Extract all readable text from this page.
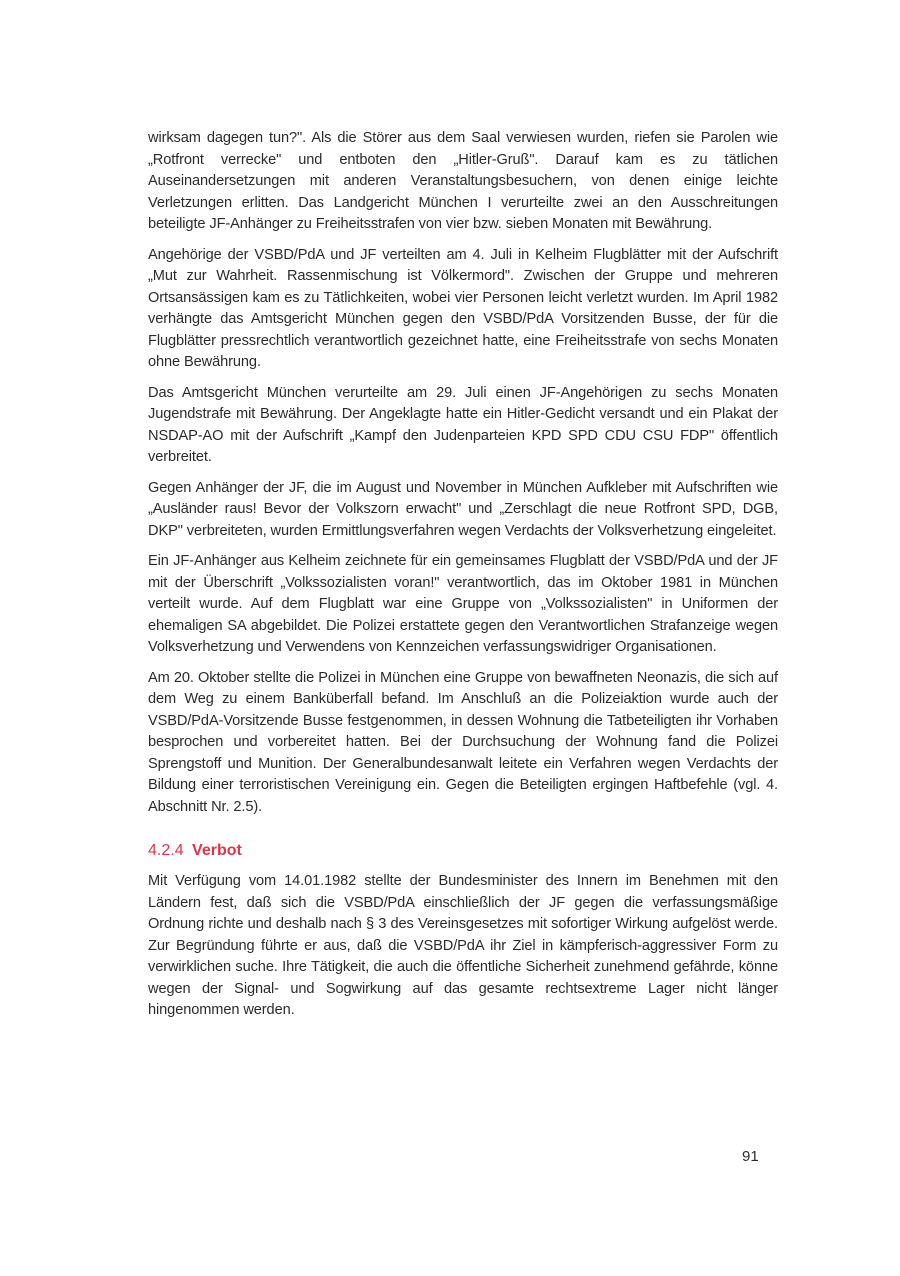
wirksam dagegen tun?". Als die Störer aus dem Saal verwiesen wurden, riefen sie Parolen wie „Rotfront verrecke" und entboten den „Hitler-Gruß". Darauf kam es zu tätlichen Auseinandersetzungen mit anderen Veranstaltungsbesuchern, von denen einige leichte Verletzungen erlitten. Das Landgericht München I verurteilte zwei an den Ausschreitungen beteiligte JF-Anhänger zu Freiheitsstrafen von vier bzw. sieben Monaten mit Bewährung.

Angehörige der VSBD/PdA und JF verteilten am 4. Juli in Kelheim Flugblätter mit der Aufschrift „Mut zur Wahrheit. Rassenmischung ist Völkermord". Zwischen der Gruppe und mehreren Ortsansässigen kam es zu Tätlichkeiten, wobei vier Personen leicht verletzt wurden. Im April 1982 verhängte das Amtsgericht München gegen den VSBD/PdA Vorsitzenden Busse, der für die Flugblätter pressrechtlich verantwortlich gezeichnet hatte, eine Freiheitsstrafe von sechs Monaten ohne Bewährung.

Das Amtsgericht München verurteilte am 29. Juli einen JF-Angehörigen zu sechs Monaten Jugendstrafe mit Bewährung. Der Angeklagte hatte ein Hitler-Gedicht versandt und ein Plakat der NSDAP-AO mit der Aufschrift „Kampf den Judenparteien KPD SPD CDU CSU FDP" öffentlich verbreitet.

Gegen Anhänger der JF, die im August und November in München Aufkleber mit Aufschriften wie „Ausländer raus! Bevor der Volkszorn erwacht" und „Zerschlagt die neue Rotfront SPD, DGB, DKP" verbreiteten, wurden Ermittlungsverfahren wegen Verdachts der Volksverhetzung eingeleitet.

Ein JF-Anhänger aus Kelheim zeichnete für ein gemeinsames Flugblatt der VSBD/PdA und der JF mit der Überschrift „Volkssozialisten voran!" verantwortlich, das im Oktober 1981 in München verteilt wurde. Auf dem Flugblatt war eine Gruppe von „Volkssozialisten" in Uniformen der ehemaligen SA abgebildet. Die Polizei erstattete gegen den Verantwortlichen Strafanzeige wegen Volksverhetzung und Verwendens von Kennzeichen verfassungswidriger Organisationen.

Am 20. Oktober stellte die Polizei in München eine Gruppe von bewaffneten Neonazis, die sich auf dem Weg zu einem Banküberfall befand. Im Anschluß an die Polizeiaktion wurde auch der VSBD/PdA-Vorsitzende Busse festgenommen, in dessen Wohnung die Tatbeteiligten ihr Vorhaben besprochen und vorbereitet hatten. Bei der Durchsuchung der Wohnung fand die Polizei Sprengstoff und Munition. Der Generalbundesanwalt leitete ein Verfahren wegen Verdachts der Bildung einer terroristischen Vereinigung ein. Gegen die Beteiligten ergingen Haftbefehle (vgl. 4. Abschnitt Nr. 2.5).

4.2.4 Verbot

Mit Verfügung vom 14.01.1982 stellte der Bundesminister des Innern im Benehmen mit den Ländern fest, daß sich die VSBD/PdA einschließlich der JF gegen die verfassungsmäßige Ordnung richte und deshalb nach § 3 des Vereinsgesetzes mit sofortiger Wirkung aufgelöst werde. Zur Begründung führte er aus, daß die VSBD/PdA ihr Ziel in kämpferisch-aggressiver Form zu verwirklichen suche. Ihre Tätigkeit, die auch die öffentliche Sicherheit zunehmend gefährde, könne wegen der Signal- und Sogwirkung auf das gesamte rechtsextreme Lager nicht länger hingenommen werden.

91
